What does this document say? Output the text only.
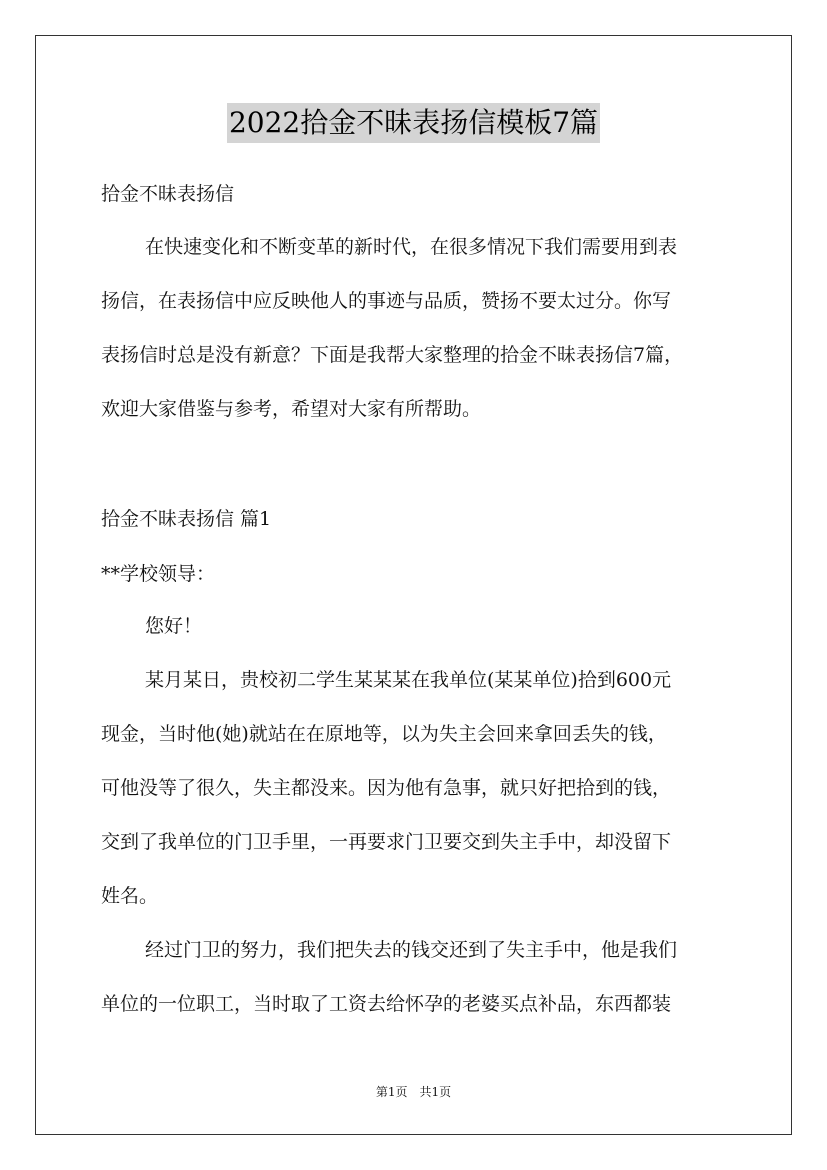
2022拾金不昧表扬信模板7篇
拾金不昧表扬信
在快速变化和不断变革的新时代，在很多情况下我们需要用到表
扬信，在表扬信中应反映他人的事迹与品质，赞扬不要太过分。你写
表扬信时总是没有新意？下面是我帮大家整理的拾金不昧表扬信7篇，
欢迎大家借鉴与参考，希望对大家有所帮助。
拾金不昧表扬信 篇1
**学校领导：
您好！
某月某日，贵校初二学生某某某在我单位(某某单位)拾到600元
现金，当时他(她)就站在在原地等，以为失主会回来拿回丢失的钱，
可他没等了很久，失主都没来。因为他有急事，就只好把拾到的钱，
交到了我单位的门卫手里，一再要求门卫要交到失主手中，却没留下
姓名。
经过门卫的努力，我们把失去的钱交还到了失主手中，他是我们
单位的一位职工，当时取了工资去给怀孕的老婆买点补品，东西都装
第1页　共1页
